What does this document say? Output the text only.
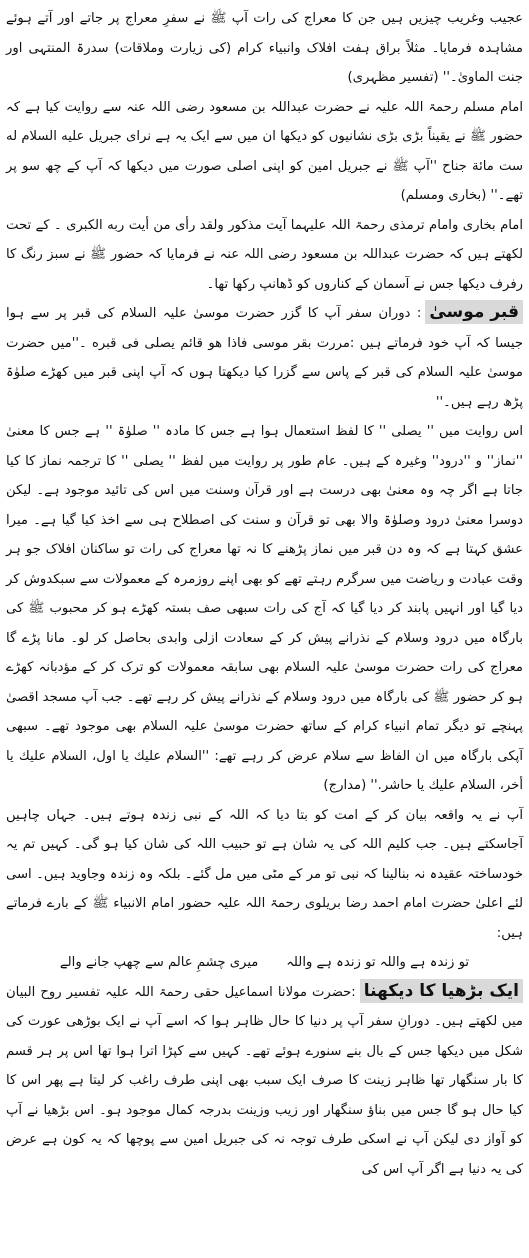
عجیب وغریب چیزیں ہیں جن کا معراج کی رات آپ ﷺ نے سفرِ معراج پر جاتے اور آتے ہوئے مشاہدہ فرمایا۔ مثلاً براق ہفت افلاک وانبیاء کرام (کی زیارت وملاقات) سدرۃ المنتہی اور جنت الماویٰ۔'' (تفسیر مظہری)

امام مسلم رحمۃ اللہ علیہ نے حضرت عبداللہ بن مسعود رضی اللہ عنہ سے روایت کیا ہے کہ حضور ﷺ نے یقیناً بڑی بڑی نشانیوں کو دیکھا ان میں سے ایک یہ ہے نراى جبريل عليه السلام له ست مائة جناح ''آپ ﷺ نے جبریل امین کو اپنی اصلی صورت میں دیکھا کہ آپ کے چھ سو پر تھے۔'' (بخاری ومسلم)

امام بخاری وامام ترمذی رحمۃ اللہ علیہما آیت مذکور ولقد رأى من أيت ربه الكبرى ۔ کے تحت لکھتے ہیں کہ حضرت عبداللہ بن مسعود رضی اللہ عنہ نے فرمایا کہ حضور ﷺ نے سبز رنگ کا رفرف دیکھا جس نے آسمان کے کناروں کو ڈھانپ رکھا تھا۔

قبر موسیٰ: دوران سفر آپ کا گزر حضرت موسیٰ علیہ السلام کی قبر پر سے ہوا جیسا کہ آپ خود فرماتے ہیں :مررت بقر موسى فاذا هو قائم يصلى فى قبره ۔''میں حضرت موسیٰ علیہ السلام کی قبر کے پاس سے گزرا کیا دیکھتا ہوں کہ آپ اپنی قبر میں کھڑے صلوٰۃ پڑھ رہے ہیں۔''

اس روایت میں '' يصلى '' کا لفظ استعمال ہوا ہے جس کا مادہ '' صلوٰۃ '' ہے جس کا معنیٰ ''نماز'' و ''درود'' وغیرہ کے ہیں۔ عام طور پر روایت میں لفظ '' يصلى '' کا ترجمہ نماز کا کیا جاتا ہے اگر چہ وہ معنیٰ بھی درست ہے اور قرآن وسنت میں اس کی تائید موجود ہے۔ لیکن دوسرا معنیٰ درود وصلوٰۃ والا بھی تو قرآن و سنت کی اصطلاح ہی سے اخذ کیا گیا ہے۔ میرا عشق کہتا ہے کہ وہ دن قبر میں نماز پڑھنے کا نہ تھا معراج کی رات تو ساکنان افلاک جو ہر وقت عبادت و ریاضت میں سرگرم رہتے تھے کو بھی اپنے روزمرہ کے معمولات سے سبکدوش کر دیا گیا اور انہیں پابند کر دیا گیا کہ آج کی رات سبھی صف بستہ کھڑے ہو کر محبوب ﷺ کی بارگاہ میں درود وسلام کے نذرانے پیش کر کے سعادت ازلی وابدی بحاصل کر لو۔ مانا پڑے گا معراج کی رات حضرت موسیٰ علیہ السلام بھی سابقہ معمولات کو ترک کر کے مؤدبانہ کھڑے ہو کر حضور ﷺ کی بارگاہ میں درود وسلام کے نذرانے پیش کر رہے تھے۔ جب آپ مسجد اقصیٰ پہنچے تو دیگر تمام انبیاء کرام کے ساتھ حضرت موسیٰ علیہ السلام بھی موجود تھے۔ سبھی آپکی بارگاہ میں ان الفاظ سے سلام عرض کر رہے تھے: ''السلام عليك يا اول، السلام عليك يا أخر، السلام عليك يا حاشر.'' (مدارج)

آپ نے یہ واقعہ بیان کر کے امت کو بتا دیا کہ اللہ کے نبی زندہ ہوتے ہیں۔ جہاں چاہیں آجاسکتے ہیں۔ جب کلیم اللہ کی یہ شان ہے تو حبیب اللہ کی شان کیا ہو گی۔ کہیں تم یہ خودساختہ عقیدہ نہ بنالینا کہ نبی تو مر کے مٹی میں مل گئے۔ بلکہ وہ زندہ وجاوید ہیں۔ اسی لئے اعلیٰ حضرت امام احمد رضا بریلوی رحمۃ اللہ علیہ حضور امام الانبیاء ﷺ کے بارے فرماتے ہیں:

تو زندہ ہے واللہ تو زندہ ہے واللہ
میری چشمِ عالم سے چھپ جانے والے

ایک بڑھیا کا دیکھنا:حضرت مولانا اسماعیل حقی رحمۃ اللہ علیہ تفسیر روح البیان میں لکھتے ہیں۔ دورانِ سفر آپ پر دنیا کا حال ظاہر ہوا کہ اسے آپ نے ایک بوڑھی عورت کی شکل میں دیکھا جس کے بال بنے سنورے ہوئے تھے۔ کہیں سے کپڑا اترا ہوا تھا اس پر ہر قسم کا بار سنگھار تھا ظاہر زینت کا صرف ایک سبب بھی اپنی طرف راغب کر لیتا ہے پھر اس کا کیا حال ہو گا جس میں بناؤ سنگھار اور زیب وزینت بدرجہ کمال موجود ہو۔ اس بڑھیا نے آپ کو آواز دی لیکن آپ نے اسکی طرف توجہ نہ کی جبریل امین سے پوچھا کہ یہ کون ہے عرض کی یہ دنیا ہے اگر آپ اس کی
